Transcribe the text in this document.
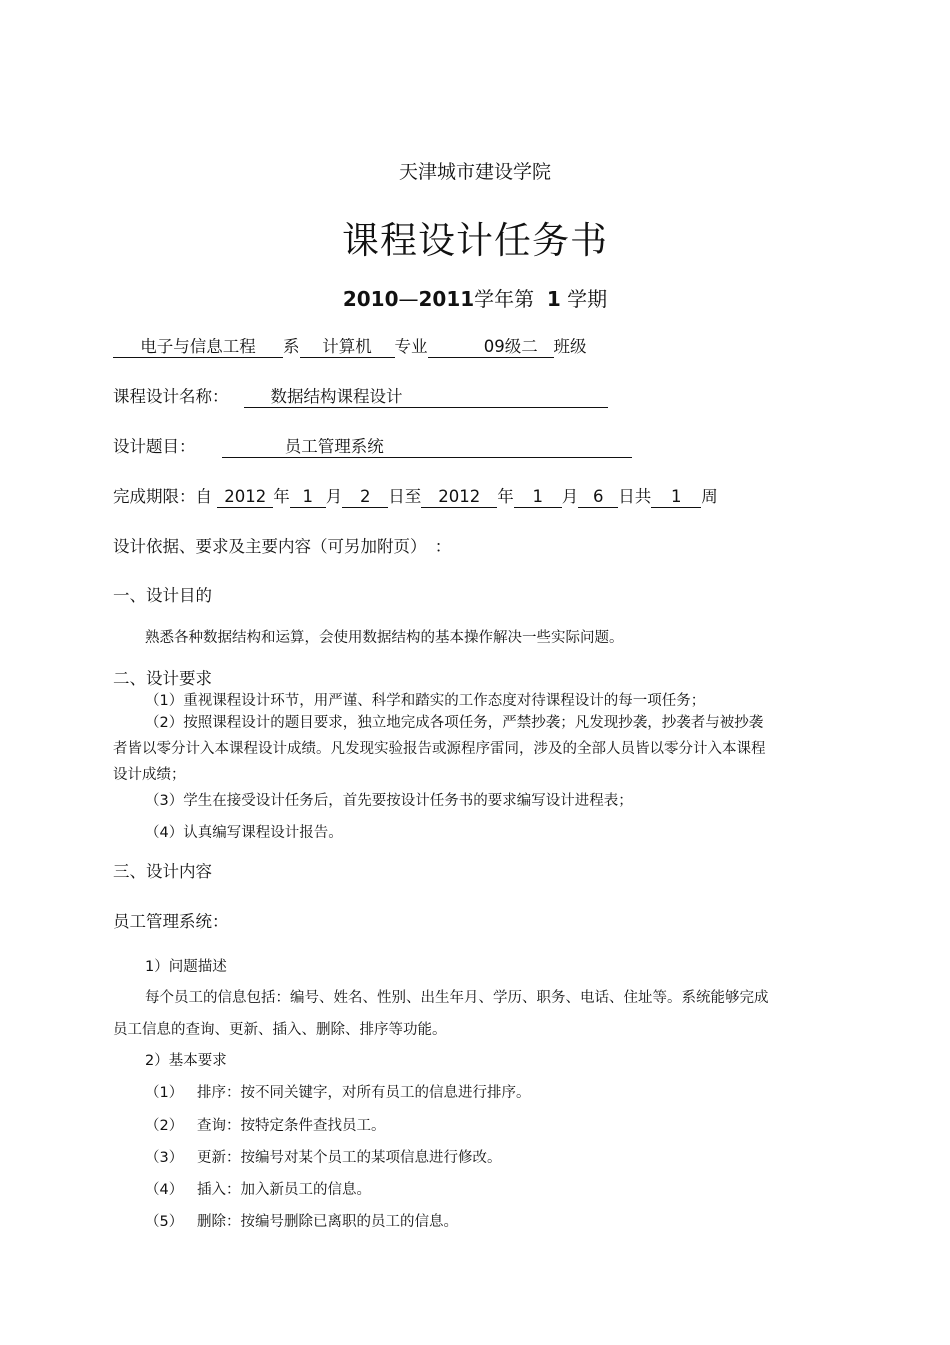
天津城市建设学院
课程设计任务书
2010—2011学年第 1 学期
电子与信息工程 系 计算机 专业	09级二 班级
课程设计名称：	数据结构课程设计
设计题目：	员工管理系统
完成期限：自 2012 年 1 月 2 日至 2012 年 1 月 6 日共 1 周
设计依据、要求及主要内容（可另加附页）　：
一、设计目的
熟悉各种数据结构和运算，会使用数据结构的基本操作解决一些实际问题。
二、设计要求
（1）重视课程设计环节，用严谨、科学和踏实的工作态度对待课程设计的每一项任务；

（2）按照课程设计的题目要求，独立地完成各项任务，严禁抄袭；凡发现抄袭，抄袭者与被抄袭者皆以零分计入本课程设计成绩。凡发现实验报告或源程序雷同，涉及的全部人员皆以零分计入本课程设计成绩；

（3）学生在接受设计任务后，首先要按设计任务书的要求编写设计进程表；
（4）认真编写课程设计报告。
三、设计内容
员工管理系统：
1）问题描述

每个员工的信息包括：编号、姓名、性别、出生年月、学历、职务、电话、住址等。系统能够完成员工信息的查询、更新、插入、删除、排序等功能。

2）基本要求
（1） 排序：按不同关键字，对所有员工的信息进行排序。
（2） 查询：按特定条件查找员工。
（3） 更新：按编号对某个员工的某项信息进行修改。
（4） 插入：加入新员工的信息。
（5） 删除：按编号删除已离职的员工的信息。
